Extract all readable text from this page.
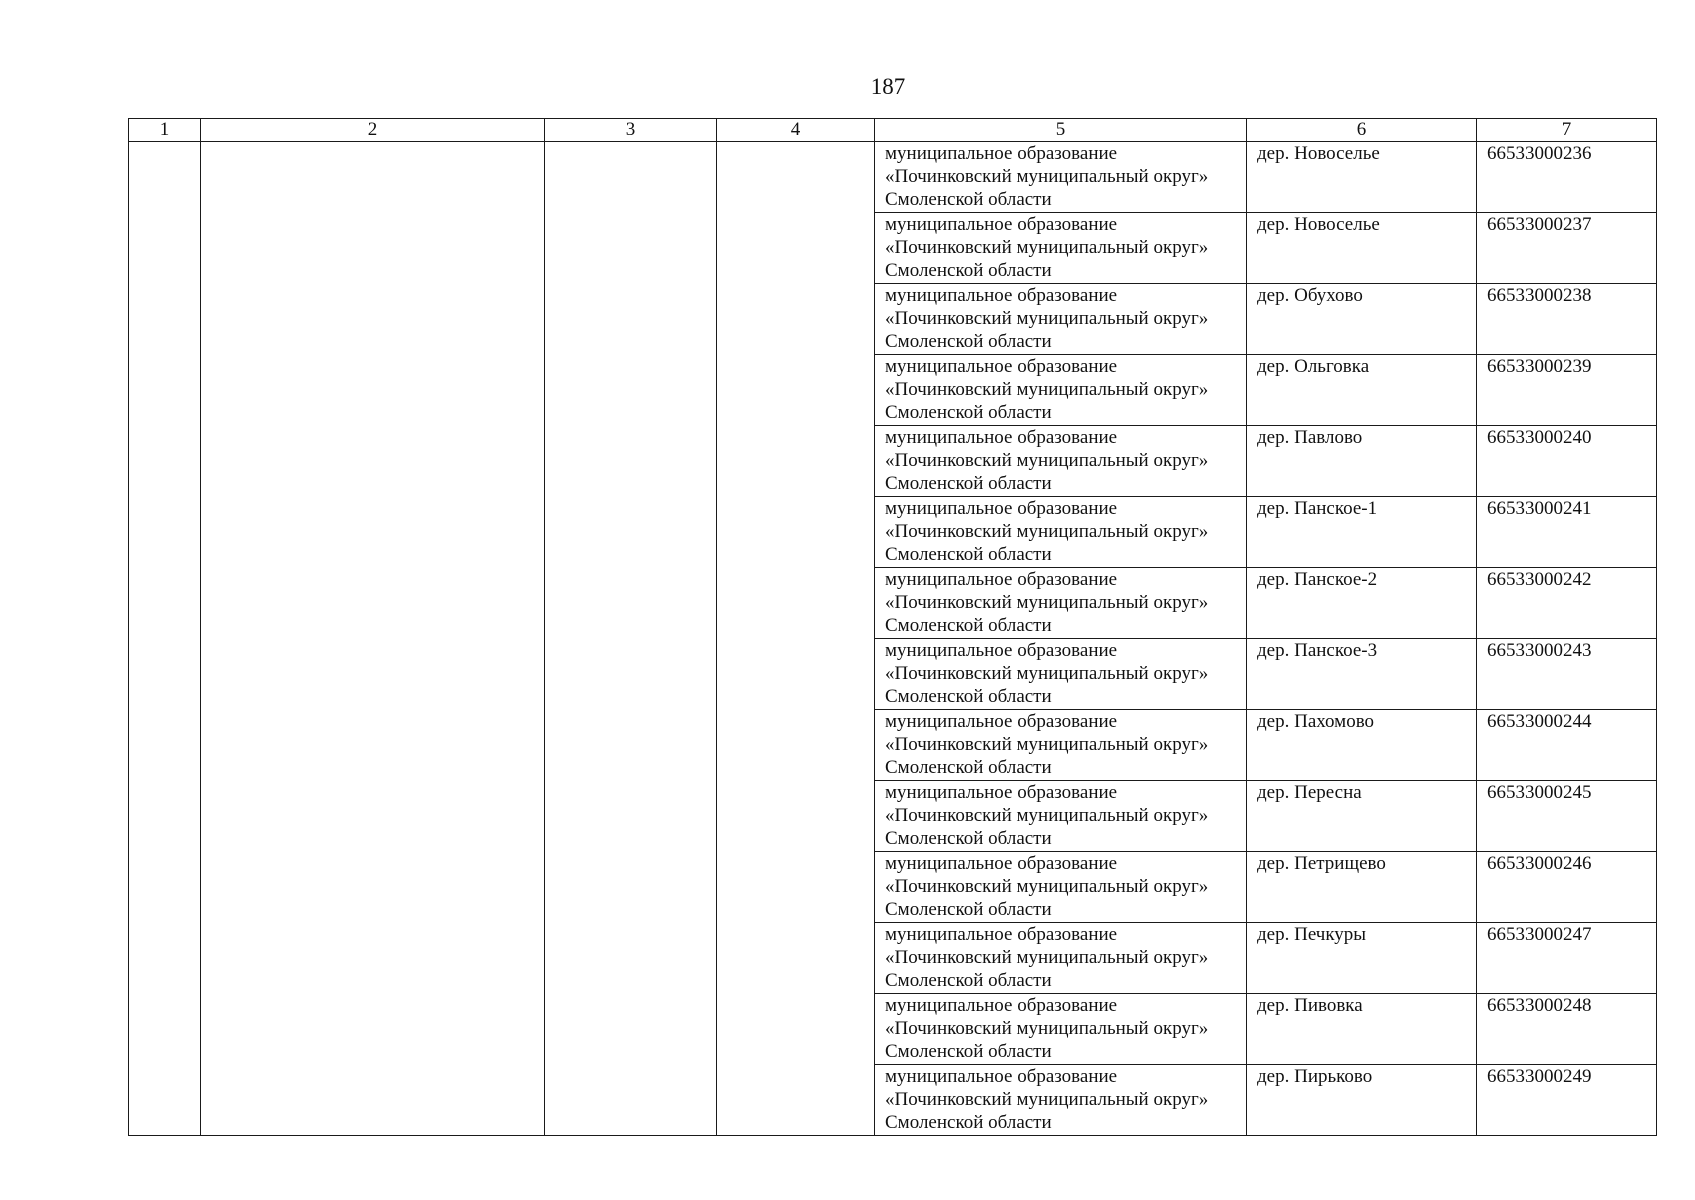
187
1	2	3	4	5	6	7

				муниципальное образование
«Починковский муниципальный округ»
Смоленской области	дер. Новоселье	66533000236

				муниципальное образование
«Починковский муниципальный округ»
Смоленской области	дер. Новоселье	66533000237

				муниципальное образование
«Починковский муниципальный округ»
Смоленской области	дер. Обухово	66533000238

				муниципальное образование
«Починковский муниципальный округ»
Смоленской области	дер. Ольговка	66533000239

				муниципальное образование
«Починковский муниципальный округ»
Смоленской области	дер. Павлово	66533000240

				муниципальное образование
«Починковский муниципальный округ»
Смоленской области	дер. Панское-1	66533000241

				муниципальное образование
«Починковский муниципальный округ»
Смоленской области	дер. Панское-2	66533000242

				муниципальное образование
«Починковский муниципальный округ»
Смоленской области	дер. Панское-3	66533000243

				муниципальное образование
«Починковский муниципальный округ»
Смоленской области	дер. Пахомово	66533000244

				муниципальное образование
«Починковский муниципальный округ»
Смоленской области	дер. Пересна	66533000245

				муниципальное образование
«Починковский муниципальный округ»
Смоленской области	дер. Петрищево	66533000246

				муниципальное образование
«Починковский муниципальный округ»
Смоленской области	дер. Печкуры	66533000247

				муниципальное образование
«Починковский муниципальный округ»
Смоленской области	дер. Пивовка	66533000248

				муниципальное образование
«Починковский муниципальный округ»
Смоленской области	дер. Пирьково	66533000249
